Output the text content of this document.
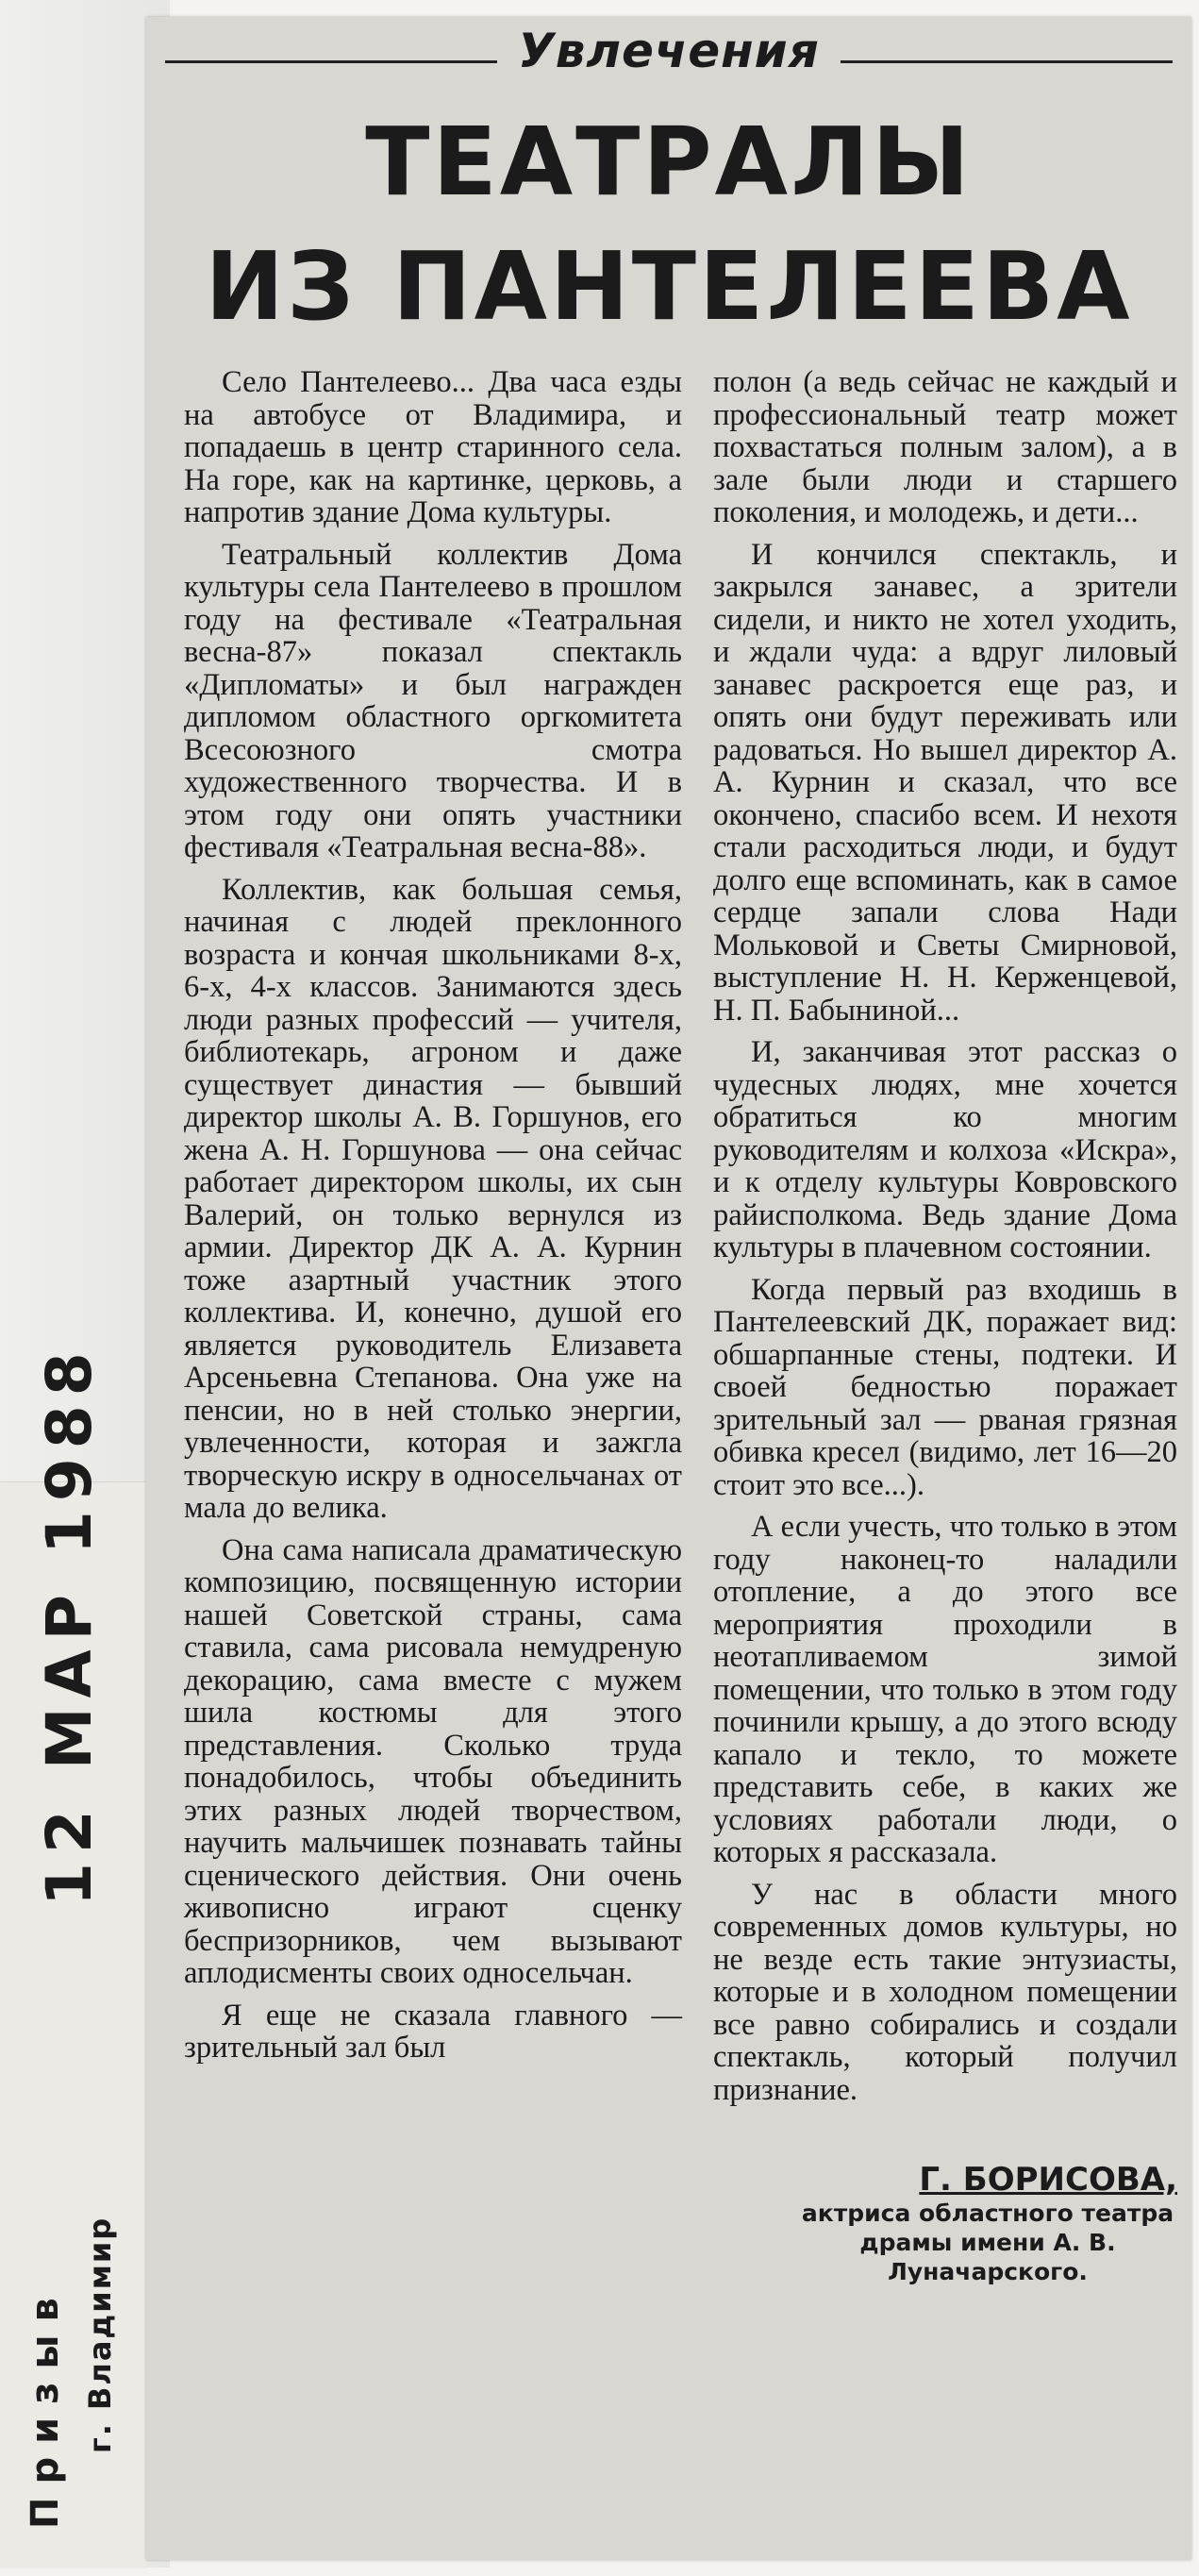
Увлечения
ТЕАТРАЛЫ
ИЗ ПАНТЕЛЕЕВА

Село Пантелеево... Два часа езды на автобусе от Владимира, и попадаешь в центр старинного села. На горе, как на картинке, церковь, а напротив здание Дома культуры.

Театральный коллектив Дома культуры села Пантелеево в прошлом году на фестивале «Театральная весна-87» показал спектакль «Дипломаты» и был награжден дипломом областного оргкомитета Всесоюзного смотра художественного творчества. И в этом году они опять участники фестиваля «Театральная весна-88».

Коллектив, как большая семья, начиная с людей преклонного возраста и кончая школьниками 8-х, 6-х, 4-х классов. Занимаются здесь люди разных профессий — учителя, библиотекарь, агроном и даже существует династия — бывший директор школы А. В. Горшунов, его жена А. Н. Горшунова — она сейчас работает директором школы, их сын Валерий, он только вернулся из армии. Директор ДК А. А. Курнин тоже азартный участник этого коллектива. И, конечно, душой его является руководитель Елизавета Арсеньевна Степанова. Она уже на пенсии, но в ней столько энергии, увлеченности, которая и зажгла творческую искру в односельчанах от мала до велика.

Она сама написала драматическую композицию, посвященную истории нашей Советской страны, сама ставила, сама рисовала немудреную декорацию, сама вместе с мужем шила костюмы для этого представления. Сколько труда понадобилось, чтобы объединить этих разных людей творчеством, научить мальчишек познавать тайны сценического действия. Они очень живописно играют сценку беспризорников, чем вызывают аплодисменты своих односельчан.

Я еще не сказала главного — зрительный зал был

полон (а ведь сейчас не каждый и профессиональный театр может похвастаться полным залом), а в зале были люди и старшего поколения, и молодежь, и дети...

И кончился спектакль, и закрылся занавес, а зрители сидели, и никто не хотел уходить, и ждали чуда: а вдруг лиловый занавес раскроется еще раз, и опять они будут переживать или радоваться. Но вышел директор А. А. Курнин и сказал, что все окончено, спасибо всем. И нехотя стали расходиться люди, и будут долго еще вспоминать, как в самое сердце запали слова Нади Мольковой и Светы Смирновой, выступление Н. Н. Керженцевой, Н. П. Бабыниной...

И, заканчивая этот рассказ о чудесных людях, мне хочется обратиться ко многим руководителям и колхоза «Искра», и к отделу культуры Ковровского райисполкома. Ведь здание Дома культуры в плачевном состоянии.

Когда первый раз входишь в Пантелеевский ДК, поражает вид: обшарпанные стены, подтеки. И своей бедностью поражает зрительный зал — рваная грязная обивка кресел (видимо, лет 16—20 стоит это все...).

А если учесть, что только в этом году наконец-то наладили отопление, а до этого все мероприятия проходили в неотапливаемом зимой помещении, что только в этом году починили крышу, а до этого всюду капало и текло, то можете представить себе, в каких же условиях работали люди, о которых я рассказала.

У нас в области много современных домов культуры, но не везде есть такие энтузиасты, которые и в холодном помещении все равно собирались и создали спектакль, который получил признание.

Г. БОРИСОВА,
актриса областного театра драмы имени А. В. Луначарского.
12 МАР 1988
Призыв г. Владимир
